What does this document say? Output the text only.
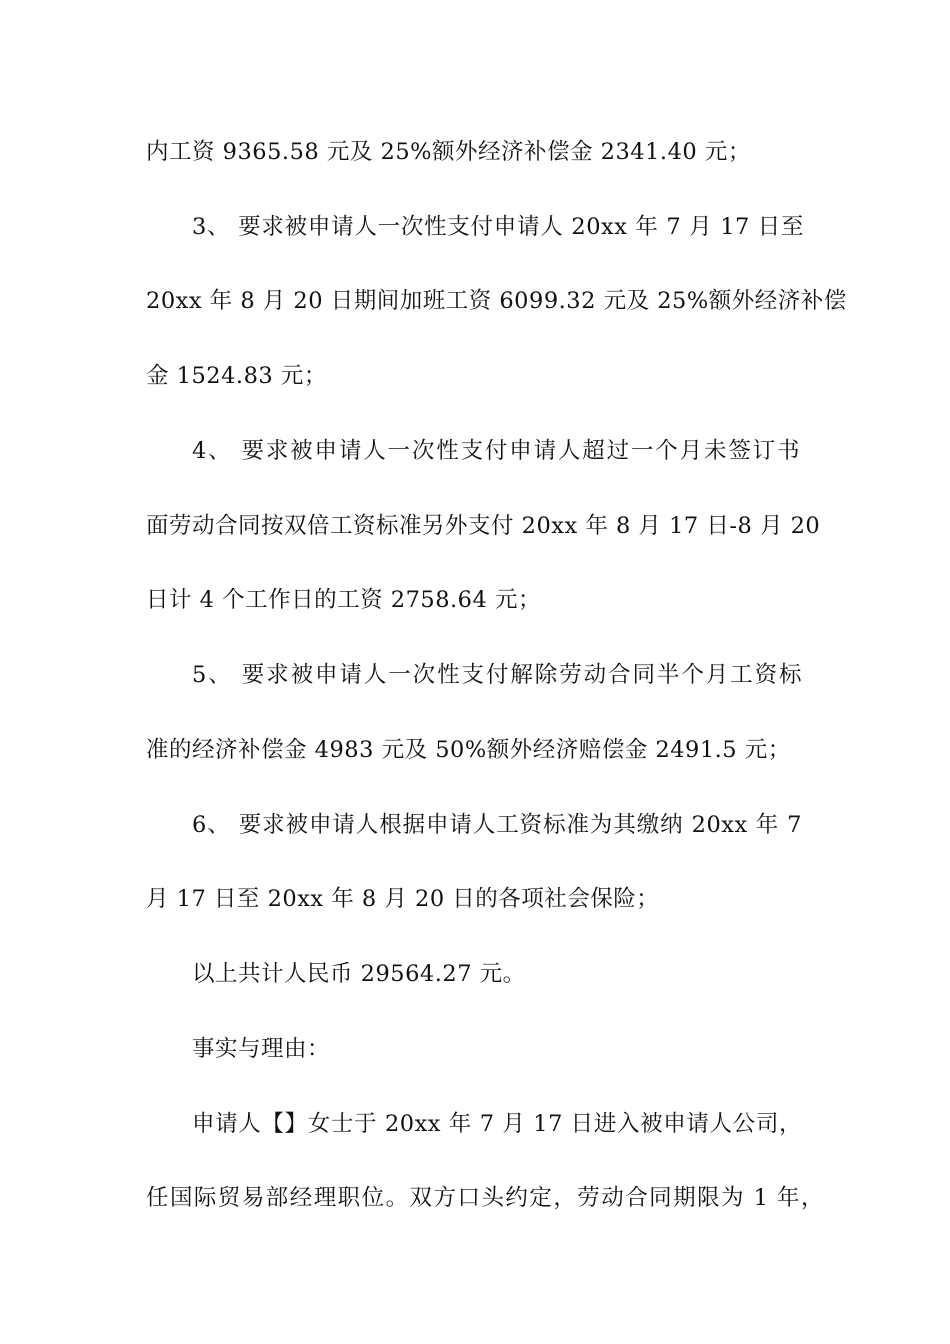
内工资 9365.58 元及 25%额外经济补偿金 2341.40 元；

3、 要求被申请人一次性支付申请人 20xx 年 7 月 17 日至

20xx 年 8 月 20 日期间加班工资 6099.32 元及 25%额外经济补偿

金 1524.83 元；

4、 要求被申请人一次性支付申请人超过一个月未签订书

面劳动合同按双倍工资标准另外支付 20xx 年 8 月 17 日-8 月 20

日计 4 个工作日的工资 2758.64 元；

5、 要求被申请人一次性支付解除劳动合同半个月工资标

准的经济补偿金 4983 元及 50%额外经济赔偿金 2491.5 元；

6、 要求被申请人根据申请人工资标准为其缴纳 20xx 年 7

月 17 日至 20xx 年 8 月 20 日的各项社会保险；

以上共计人民币 29564.27 元。

事实与理由：

申请人【】女士于 20xx 年 7 月 17 日进入被申请人公司，

任国际贸易部经理职位。双方口头约定，劳动合同期限为 1 年，
